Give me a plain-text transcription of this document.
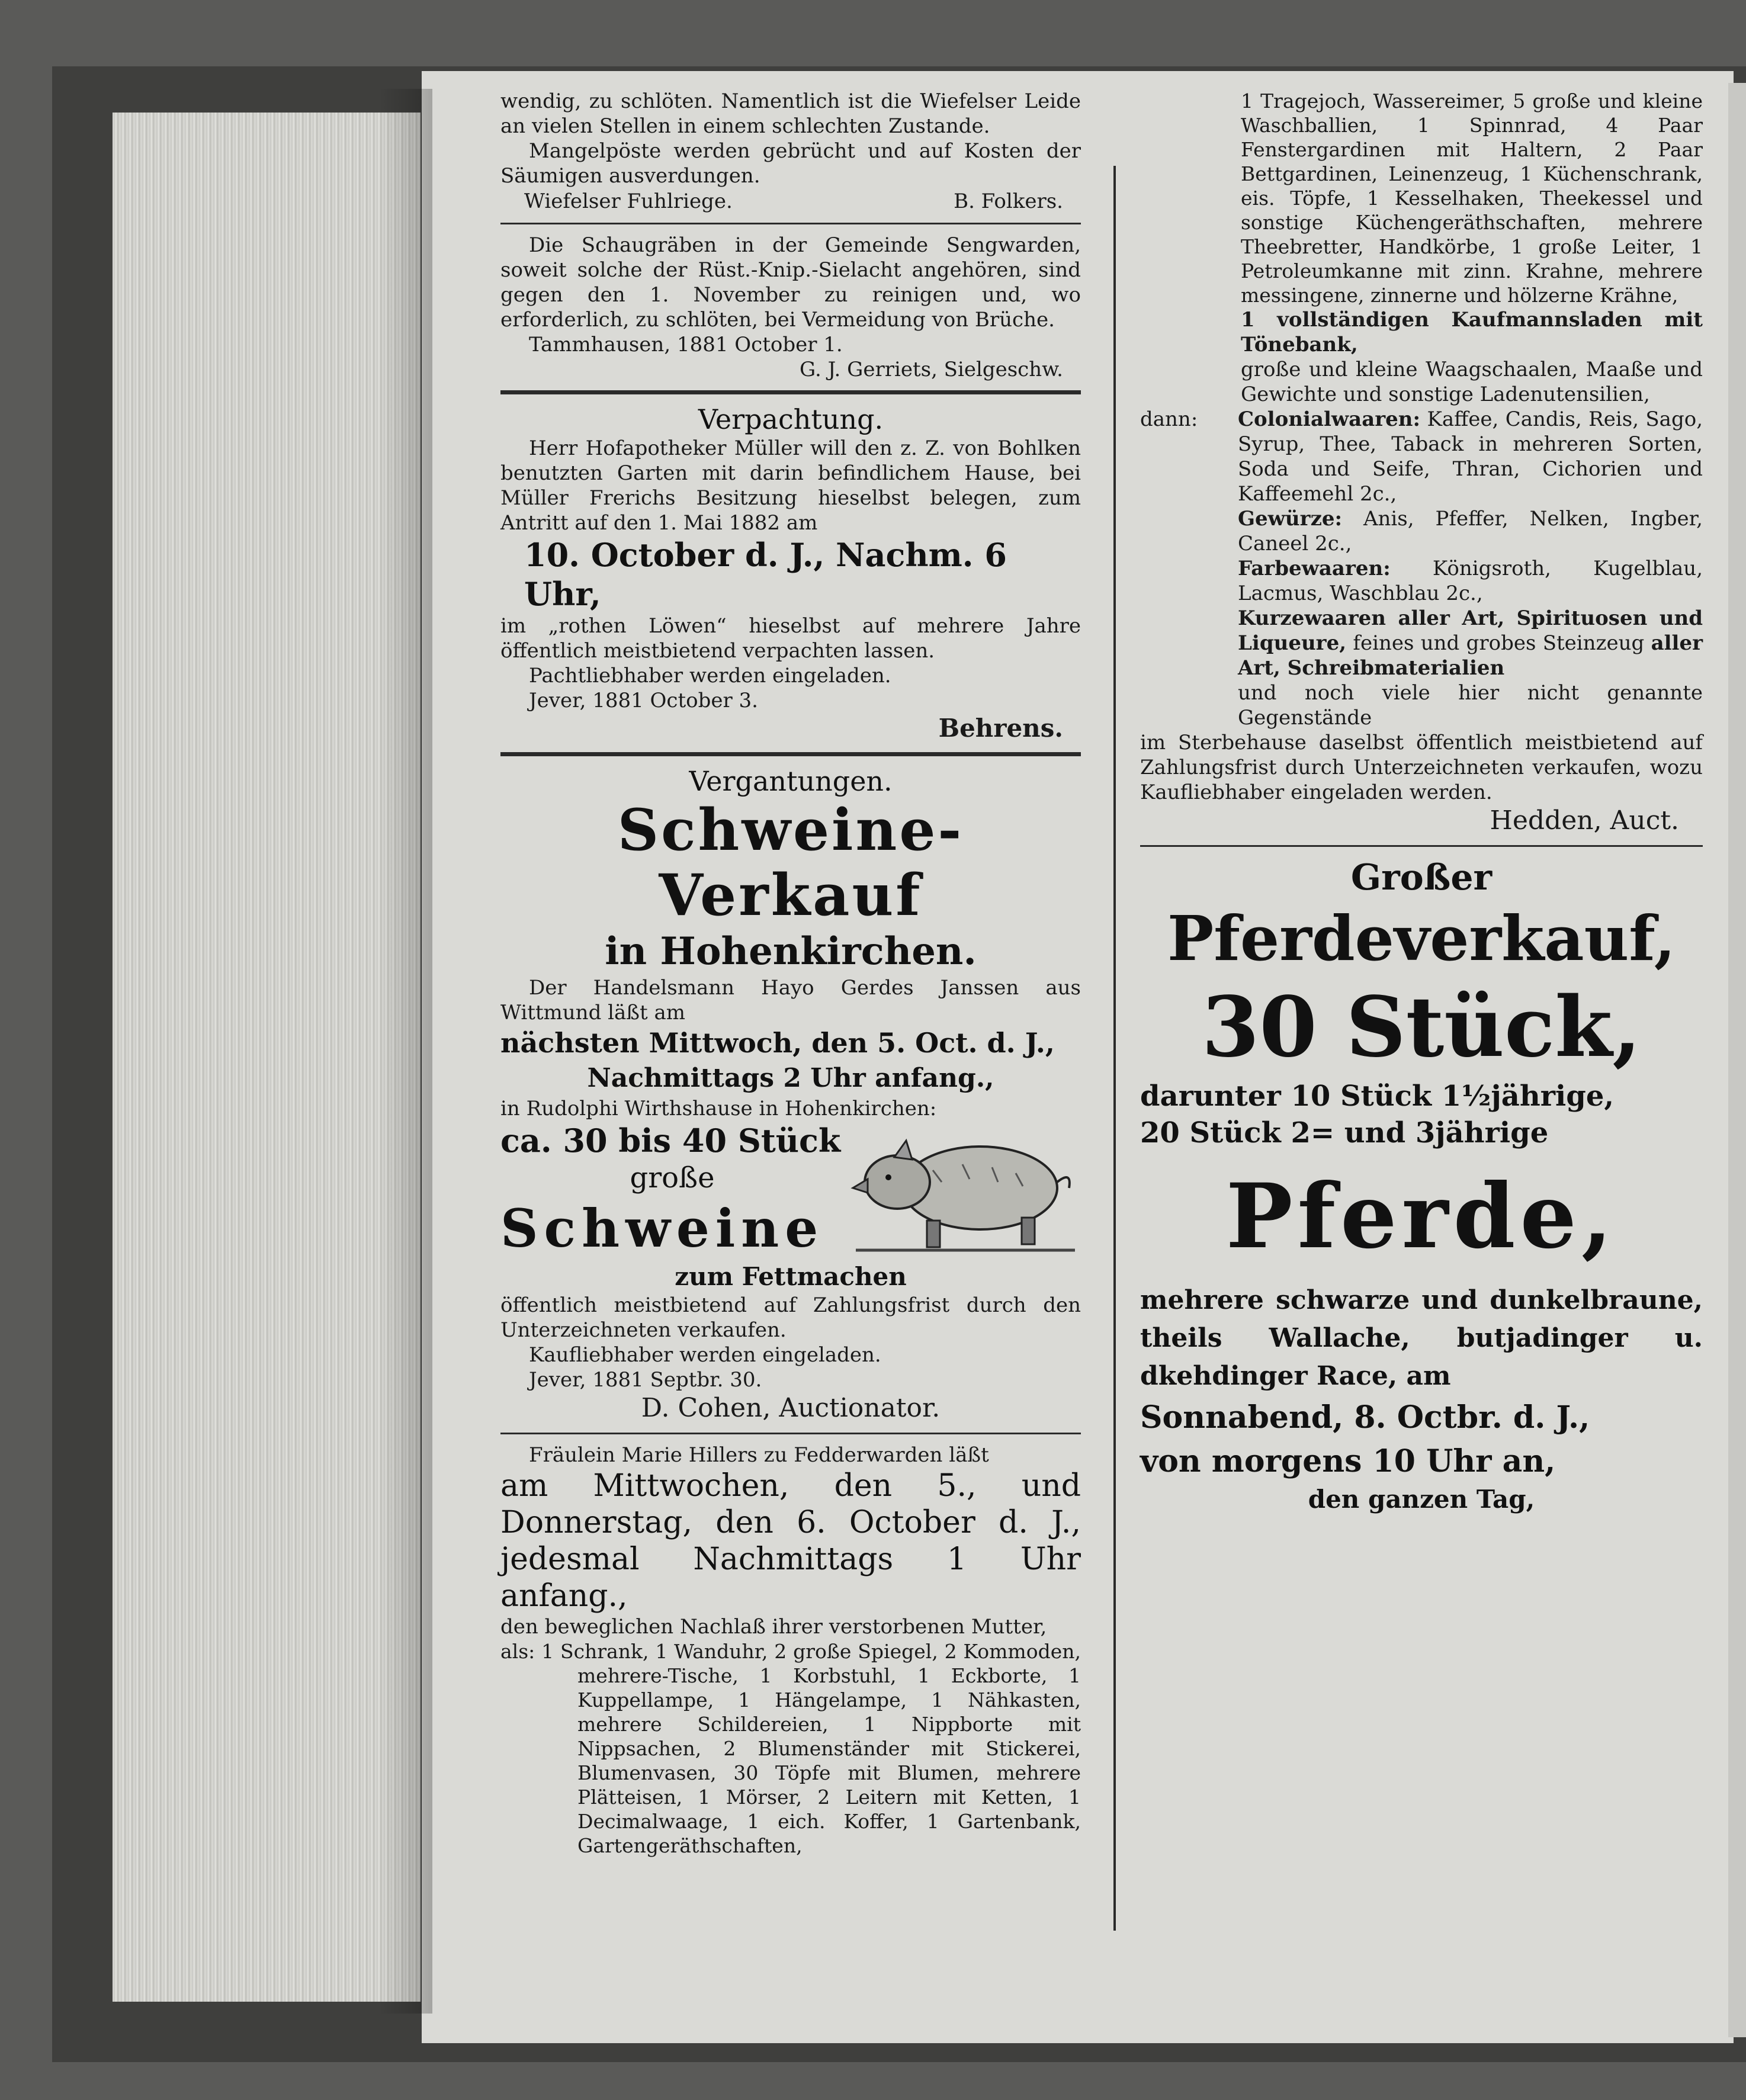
wendig, zu schlöten. Namentlich ist die Wiefelser Leide an vielen Stellen in einem schlechten Zustande.

Mangelpöste werden gebrücht und auf Kosten der Säumigen ausverdungen.

Wiefelser Fuhlriege.	B. Folkers.

Die Schaugräben in der Gemeinde Sengwarden, soweit solche der Rüst.-Knip.-Sielacht angehören, sind gegen den 1. November zu reinigen und, wo erforderlich, zu schlöten, bei Vermeidung von Brüche.

Tammhausen, 1881 October 1.

G. J. Gerriets, Sielgeschw.

Verpachtung.

Herr Hofapotheker Müller will den z. Z. von Bohlken benutzten Garten mit darin befindlichem Hause, bei Müller Frerichs Besitzung hieselbst belegen, zum Antritt auf den 1. Mai 1882 am

10. October d. J., Nachm. 6 Uhr,

im „rothen Löwen“ hieselbst auf mehrere Jahre öffentlich meistbietend verpachten lassen.

Pachtliebhaber werden eingeladen.

Jever, 1881 October 3.

Behrens.

Vergantungen.

Schweine-Verkauf

in Hohenkirchen.

Der Handelsmann Hayo Gerdes Janssen aus Wittmund läßt am

nächsten Mittwoch, den 5. Oct. d. J.,

Nachmittags 2 Uhr anfang.,

in Rudolphi Wirthshause in Hohenkirchen:

ca. 30 bis 40 Stück

große

Schweine

zum Fettmachen

öffentlich meistbietend auf Zahlungsfrist durch den Unterzeichneten verkaufen.

Kaufliebhaber werden eingeladen.

Jever, 1881 Septbr. 30.

D. Cohen, Auctionator.

Fräulein Marie Hillers zu Fedderwarden läßt

am Mittwochen, den 5., und Donnerstag, den 6. October d. J., jedesmal Nachmittags 1 Uhr anfang.,

den beweglichen Nachlaß ihrer verstorbenen Mutter,

als: 1 Schrank, 1 Wanduhr, 2 große Spiegel, 2 Kommoden, mehrere-Tische, 1 Korbstuhl, 1 Eckborte, 1 Kuppellampe, 1 Hängelampe, 1 Nähkasten, mehrere Schildereien, 1 Nippborte mit Nippsachen, 2 Blumenständer mit Stickerei, Blumenvasen, 30 Töpfe mit Blumen, mehrere Plätteisen, 1 Mörser, 2 Leitern mit Ketten, 1 Decimalwaage, 1 eich. Koffer, 1 Gartenbank, Gartengeräthschaften,

1 Tragejoch, Wassereimer, 5 große und kleine Waschballien, 1 Spinnrad, 4 Paar Fenstergardinen mit Haltern, 2 Paar Bettgardinen, Leinenzeug, 1 Küchenschrank, eis. Töpfe, 1 Kesselhaken, Theekessel und sonstige Küchengeräthschaften, mehrere Theebretter, Handkörbe, 1 große Leiter, 1 Petroleumkanne mit zinn. Krahne, mehrere messingene, zinnerne und hölzerne Krähne,

1 vollständigen Kaufmannsladen mit Tönebank,

große und kleine Waagschaalen, Maaße und Gewichte und sonstige Ladenutensilien,

dann:	Colonialwaaren: Kaffee, Candis, Reis, Sago, Syrup, Thee, Taback in mehreren Sorten, Soda und Seife, Thran, Cichorien und Kaffeemehl 2c.,

Gewürze: Anis, Pfeffer, Nelken, Ingber, Caneel 2c.,

Farbewaaren: Königsroth, Kugelblau, Lacmus, Waschblau 2c.,

Kurzewaaren aller Art, Spirituosen und Liqueure, feines und grobes Steinzeug aller Art, Schreibmaterialien

und noch viele hier nicht genannte Gegenstände

im Sterbehause daselbst öffentlich meistbietend auf Zahlungsfrist durch Unterzeichneten verkaufen, wozu Kaufliebhaber eingeladen werden.

Hedden, Auct.

Großer

Pferdeverkauf,

30 Stück,

darunter 10 Stück 1½jährige,

20 Stück 2= und 3jährige

Pferde,

mehrere schwarze und dunkelbraune, theils Wallache, butjadinger u. dkehdinger Race, am

Sonnabend, 8. Octbr. d. J.,

von morgens 10 Uhr an,

den ganzen Tag,
